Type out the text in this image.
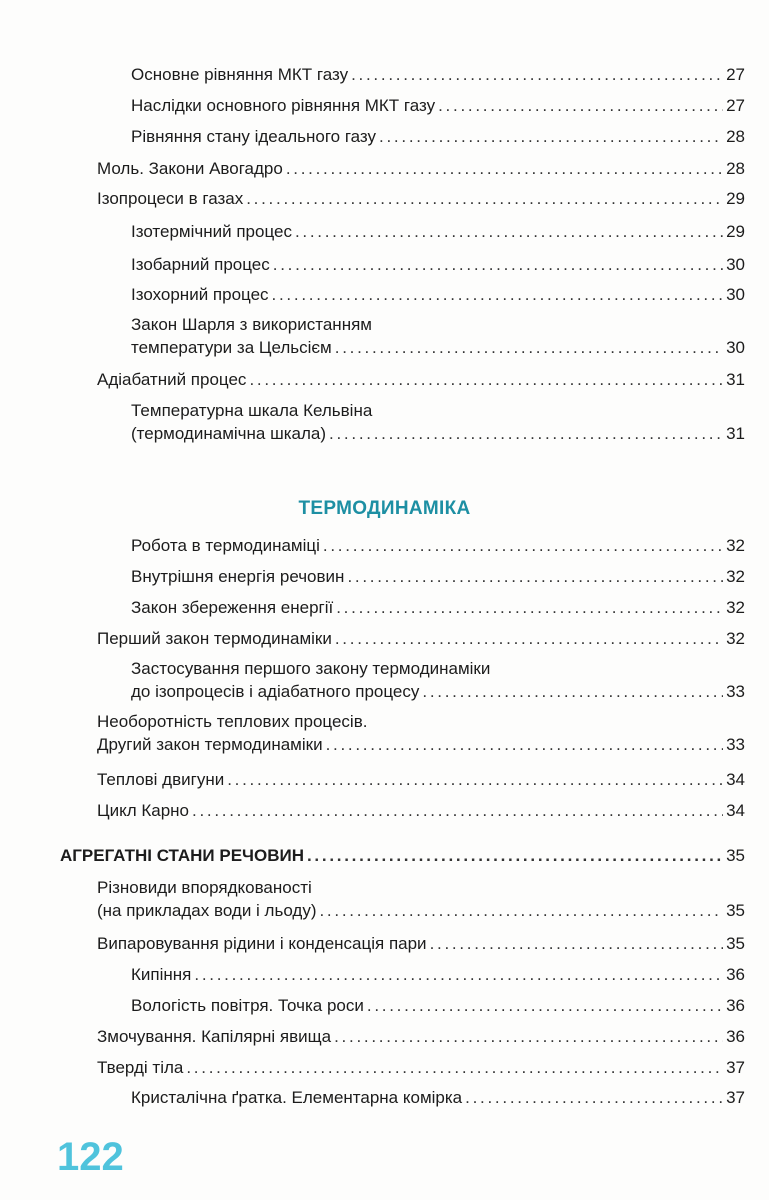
Основне рівняння МКТ газу . . .	27
Наслідки основного рівняння МКТ газу . . .	27
Рівняння стану ідеального газу . . .	28
Моль. Закони Авогадро . . .	28
Ізопроцеси в газах . . .	29
Ізотермічний процес . . .	29
Ізобарний процес . . .	30
Ізохорний процес . . .	30
Закон Шарля з використанням
температури за Цельсієм . . .	30
Адіабатний процес . . .	31
Температурна шкала Кельвіна
(термодинамічна шкала) . . .	31
Робота в термодинаміці . . .	32
Внутрішня енергія речовин . . .	32
Закон збереження енергії . . .	32
Перший закон термодинаміки . . .	32
Застосування першого закону термодинаміки
до ізопроцесів і адіабатного процесу . . .	33
Необоротність теплових процесів.
Другий закон термодинаміки . . .	33
Теплові двигуни . . .	34
Цикл Карно . . .	34
АГРЕГАТНІ СТАНИ РЕЧОВИН . . .	35
Різновиди впорядкованості
(на прикладах води і льоду) . . .	35
Випаровування рідини і конденсація пари . . .	35
Кипіння . . .	36
Вологість повітря. Точка роси . . .	36
Змочування. Капілярні явища . . .	36
Тверді тіла . . .	37
Кристалічна ґратка. Елементарна комірка . . .	37
ТЕРМОДИНАМІКА
122
